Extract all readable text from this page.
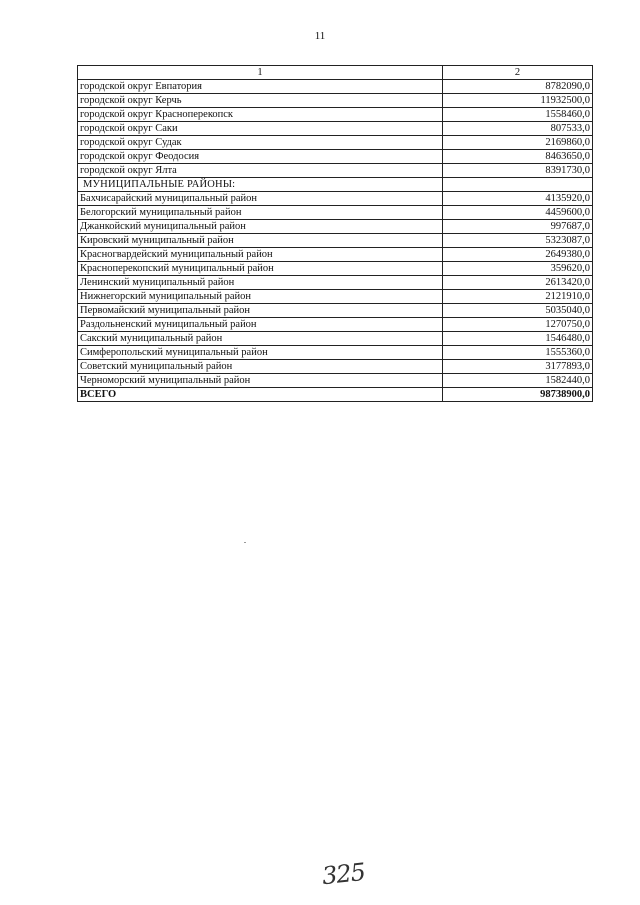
11
1	2
городской округ Евпатория	8782090,0
городской округ Керчь	11932500,0
городской округ Красноперекопск	1558460,0
городской округ Саки	807533,0
городской округ Судак	2169860,0
городской округ Феодосия	8463650,0
городской округ Ялта	8391730,0
МУНИЦИПАЛЬНЫЕ РАЙОНЫ:	
Бахчисарайский муниципальный район	4135920,0
Белогорский муниципальный район	4459600,0
Джанкойский муниципальный район	997687,0
Кировский муниципальный район	5323087,0
Красногвардейский муниципальный район	2649380,0
Красноперекопский муниципальный район	359620,0
Ленинский муниципальный район	2613420,0
Нижнегорский муниципальный район	2121910,0
Первомайский муниципальный район	5035040,0
Раздольненский муниципальный район	1270750,0
Сакский муниципальный район	1546480,0
Симферопольский муниципальный район	1555360,0
Советский муниципальный район	3177893,0
Черноморский муниципальный район	1582440,0
ВСЕГО	98738900,0
325
